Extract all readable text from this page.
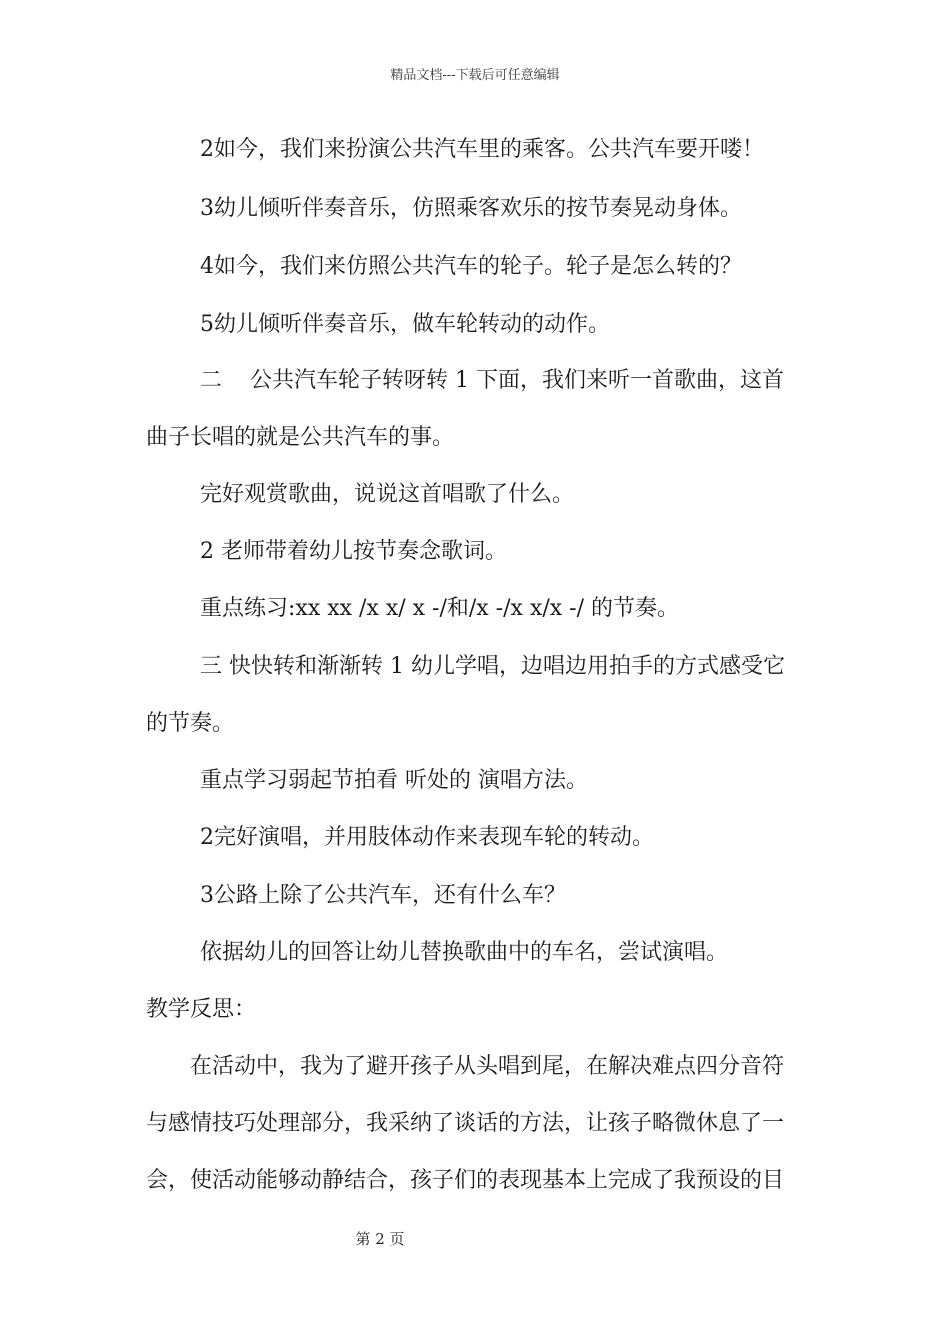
精品文档---下载后可任意编辑
2如今，我们来扮演公共汽车里的乘客。公共汽车要开喽！
3幼儿倾听伴奏音乐，仿照乘客欢乐的按节奏晃动身体。
4如今，我们来仿照公共汽车的轮子。轮子是怎么转的？
5幼儿倾听伴奏音乐，做车轮转动的动作。
二    公共汽车轮子转呀转 1 下面，我们来听一首歌曲，这首
曲子长唱的就是公共汽车的事。
完好观赏歌曲，说说这首唱歌了什么。
2 老师带着幼儿按节奏念歌词。
重点练习:xx xx /x x/ x -/和/x -/x x/x -/ 的节奏。
三 快快转和渐渐转 1 幼儿学唱，边唱边用拍手的方式感受它
的节奏。
重点学习弱起节拍看 听处的 演唱方法。
2完好演唱，并用肢体动作来表现车轮的转动。
3公路上除了公共汽车，还有什么车？
依据幼儿的回答让幼儿替换歌曲中的车名，尝试演唱。
教学反思：
在活动中，我为了避开孩子从头唱到尾，在解决难点四分音符
与感情技巧处理部分，我采纳了谈话的方法，让孩子略微休息了一
会，使活动能够动静结合，孩子们的表现基本上完成了我预设的目
第 2 页
